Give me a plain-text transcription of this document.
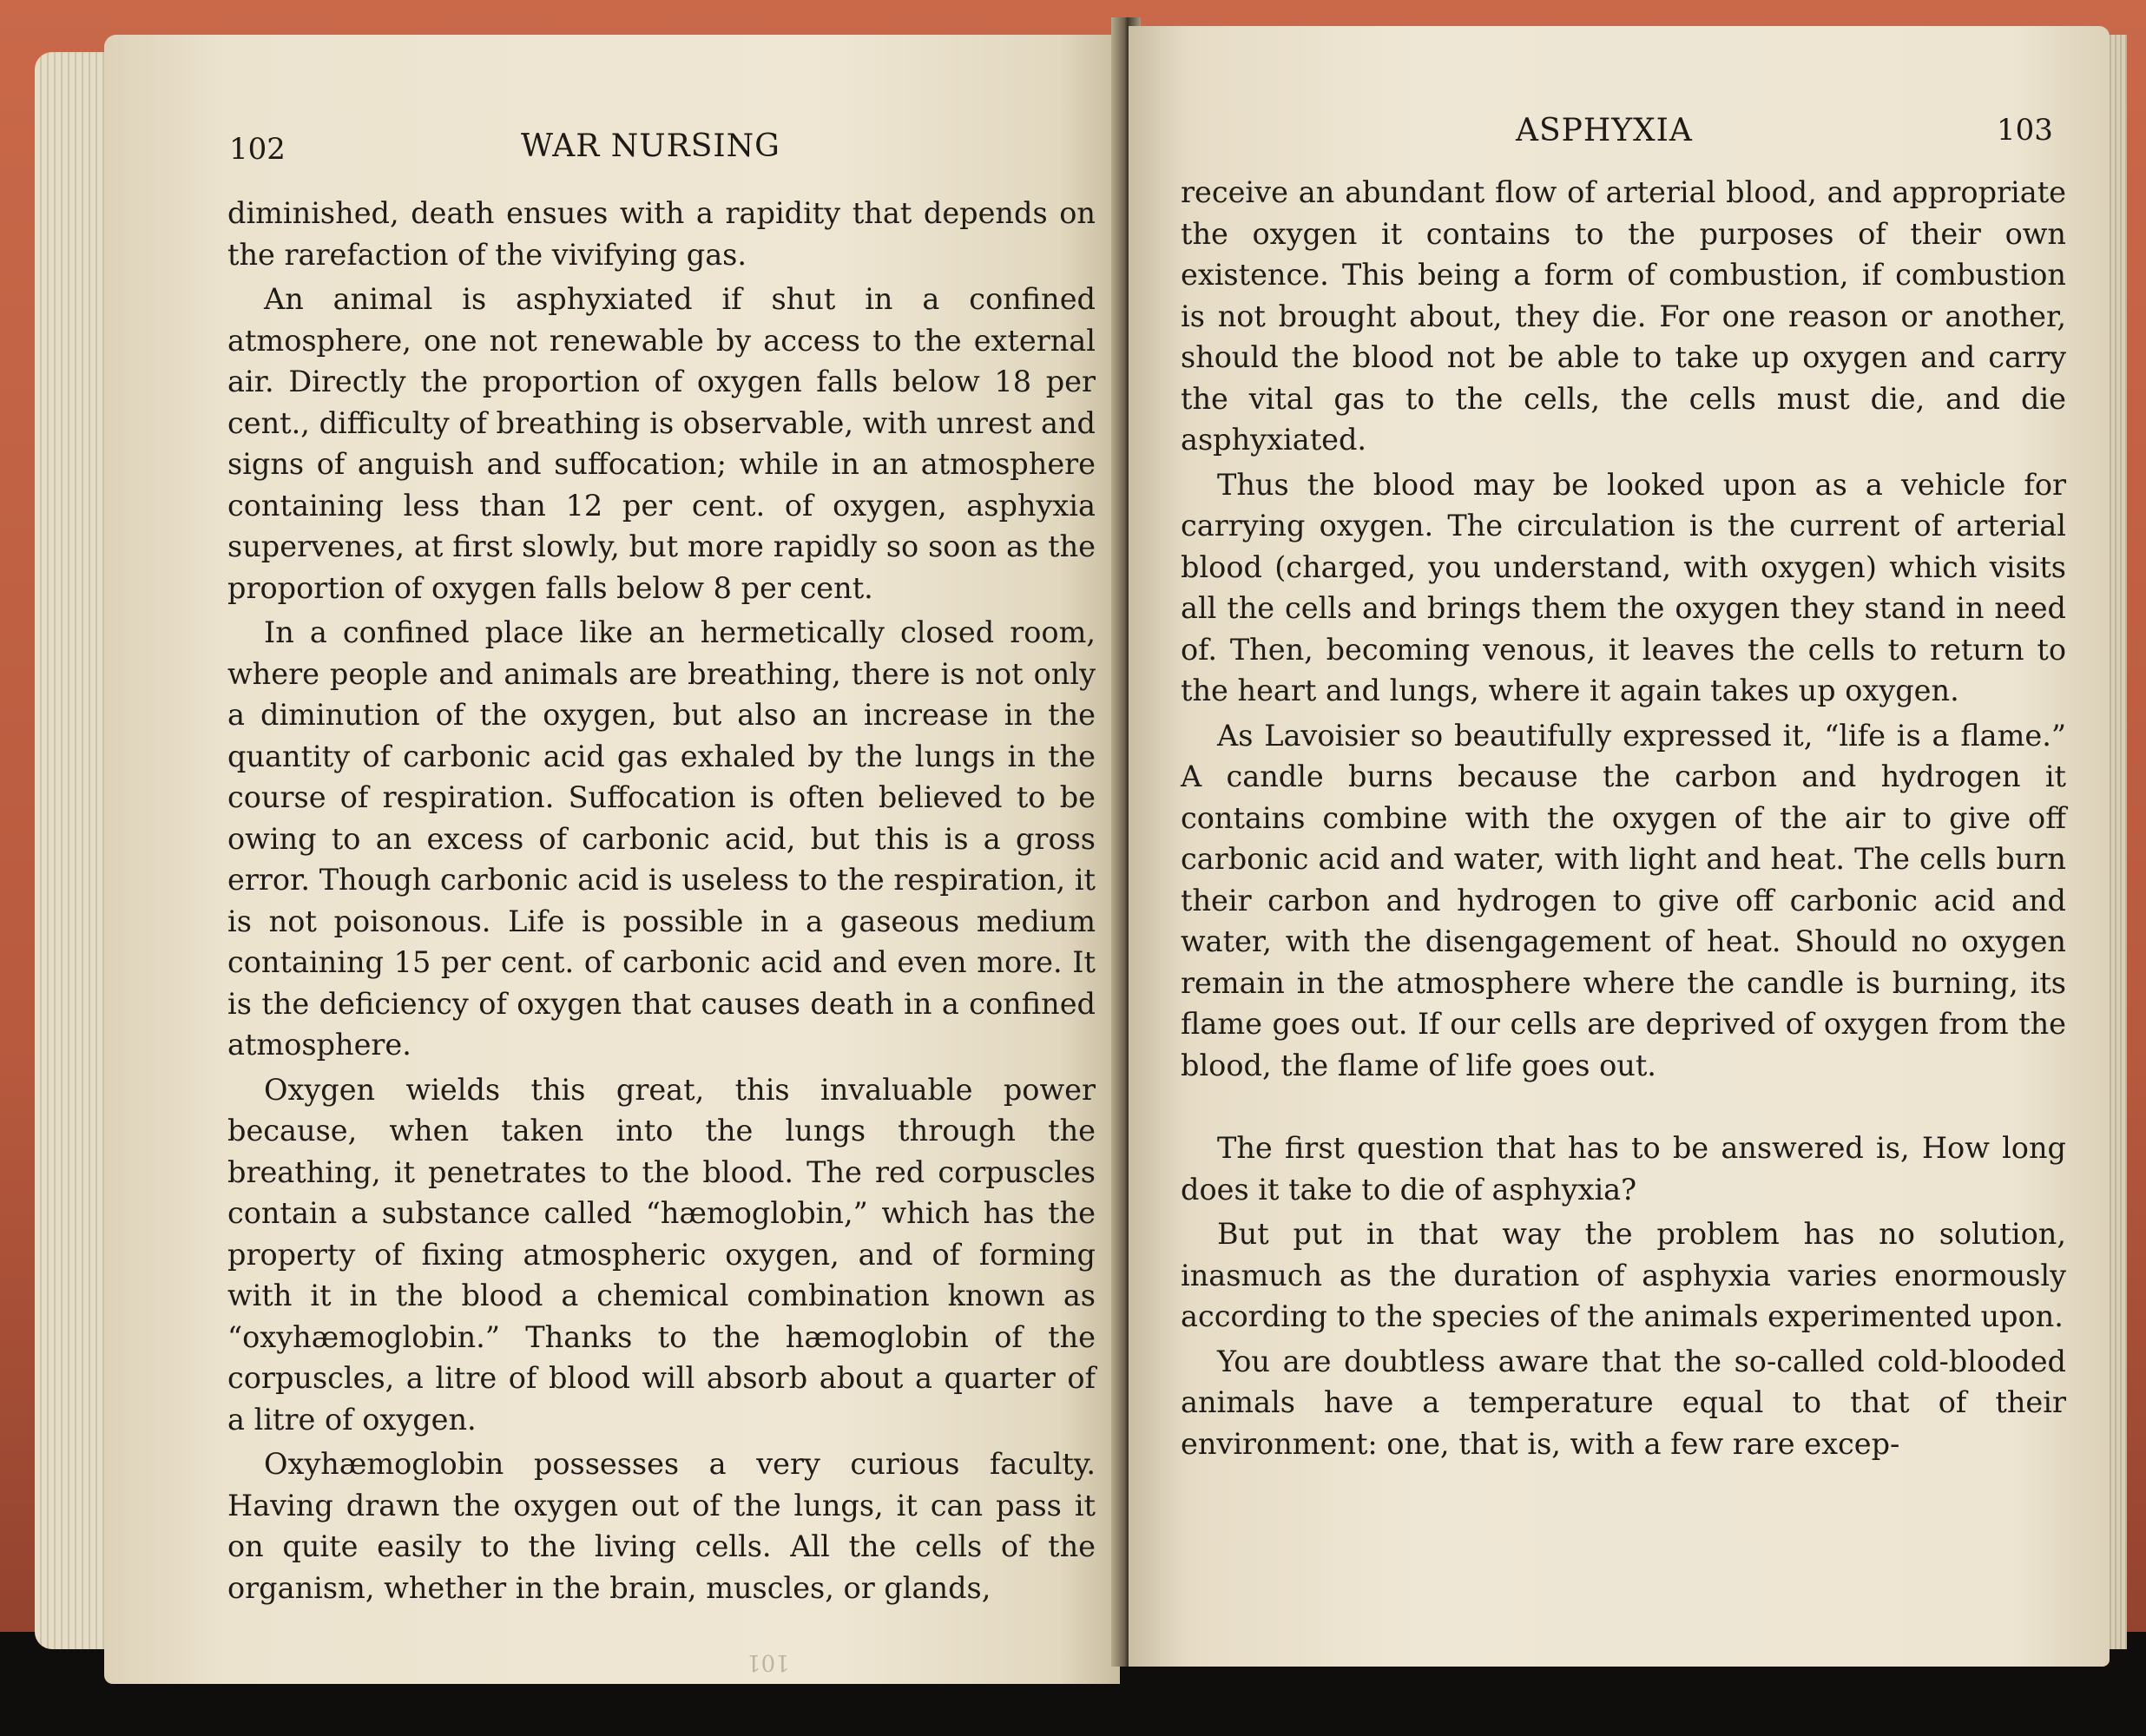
102	WAR NURSING

diminished, death ensues with a rapidity that depends on the rarefaction of the vivifying gas.

An animal is asphyxiated if shut in a confined atmosphere, one not renewable by access to the external air. Directly the proportion of oxygen falls below 18 per cent., difficulty of breathing is observable, with unrest and signs of anguish and suffocation; while in an atmosphere containing less than 12 per cent. of oxygen, asphyxia supervenes, at first slowly, but more rapidly so soon as the proportion of oxygen falls below 8 per cent.

In a confined place like an hermetically closed room, where people and animals are breathing, there is not only a diminution of the oxygen, but also an increase in the quantity of carbonic acid gas exhaled by the lungs in the course of respiration. Suffocation is often believed to be owing to an excess of carbonic acid, but this is a gross error. Though carbonic acid is useless to the respiration, it is not poisonous. Life is possible in a gaseous medium containing 15 per cent. of carbonic acid and even more. It is the deficiency of oxygen that causes death in a confined atmosphere.

Oxygen wields this great, this invaluable power because, when taken into the lungs through the breathing, it penetrates to the blood. The red corpuscles contain a substance called “hæmoglobin,” which has the property of fixing atmospheric oxygen, and of forming with it in the blood a chemical combination known as “oxyhæmoglobin.” Thanks to the hæmoglobin of the corpuscles, a litre of blood will absorb about a quarter of a litre of oxygen.

Oxyhæmoglobin possesses a very curious faculty. Having drawn the oxygen out of the lungs, it can pass it on quite easily to the living cells. All the cells of the organism, whether in the brain, muscles, or glands,

101
ASPHYXIA	103

receive an abundant flow of arterial blood, and appropriate the oxygen it contains to the purposes of their own existence. This being a form of combustion, if combustion is not brought about, they die. For one reason or another, should the blood not be able to take up oxygen and carry the vital gas to the cells, the cells must die, and die asphyxiated.

Thus the blood may be looked upon as a vehicle for carrying oxygen. The circulation is the current of arterial blood (charged, you understand, with oxygen) which visits all the cells and brings them the oxygen they stand in need of. Then, becoming venous, it leaves the cells to return to the heart and lungs, where it again takes up oxygen.

As Lavoisier so beautifully expressed it, “life is a flame.” A candle burns because the carbon and hydrogen it contains combine with the oxygen of the air to give off carbonic acid and water, with light and heat. The cells burn their carbon and hydrogen to give off carbonic acid and water, with the disengagement of heat. Should no oxygen remain in the atmosphere where the candle is burning, its flame goes out. If our cells are deprived of oxygen from the blood, the flame of life goes out.

The first question that has to be answered is, How long does it take to die of asphyxia?

But put in that way the problem has no solution, inasmuch as the duration of asphyxia varies enormously according to the species of the animals experimented upon.

You are doubtless aware that the so-called cold-blooded animals have a temperature equal to that of their environment: one, that is, with a few rare excep-
